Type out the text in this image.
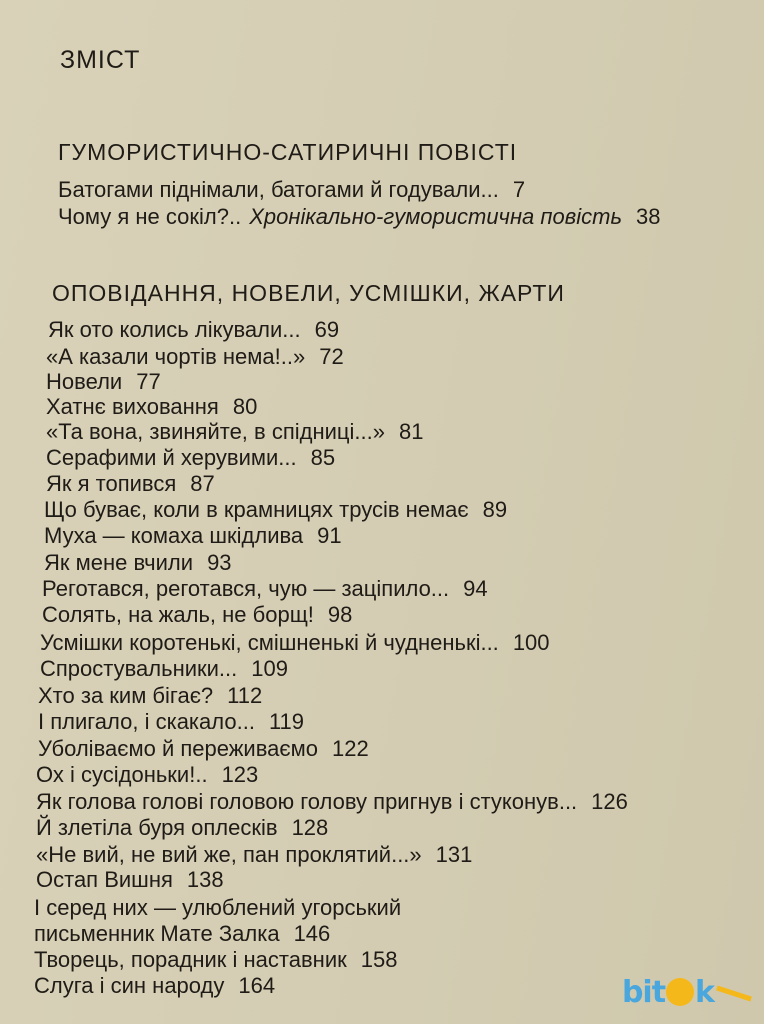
ЗМІСТ
ГУМОРИСТИЧНО-САТИРИЧНІ ПОВІСТІ
ОПОВІДАННЯ, НОВЕЛИ, УСМІШКИ, ЖАРТИ
Батогами піднімали, батогами й годували... 7
Чому я не сокіл?.. Хронікально-гумористична повість 38
Як ото колись лікували... 69
«А казали чортів нема!..» 72
Новели 77
Хатнє виховання 80
«Та вона, звиняйте, в спідниці...» 81
Серафими й херувими... 85
Як я топився 87
Що буває, коли в крамницях трусів немає 89
Муха — комаха шкідлива 91
Як мене вчили 93
Реготався, реготався, чую — заціпило... 94
Солять, на жаль, не борщ! 98
Усмішки коротенькі, смішненькі й чудненькі... 100
Спростувальники... 109
Хто за ким бігає? 112
І плигало, і скакало... 119
Уболіваємо й переживаємо 122
Ох і сусідоньки!.. 123
Як голова голові головою голову пригнув і стуконув... 126
Й злетіла буря оплесків 128
«Не вий, не вий же, пан проклятий...» 131
Остап Вишня 138
І серед них — улюблений угорський
письменник Мате Залка 146
Творець, порадник і наставник 158
Слуга і син народу 164	bit k
